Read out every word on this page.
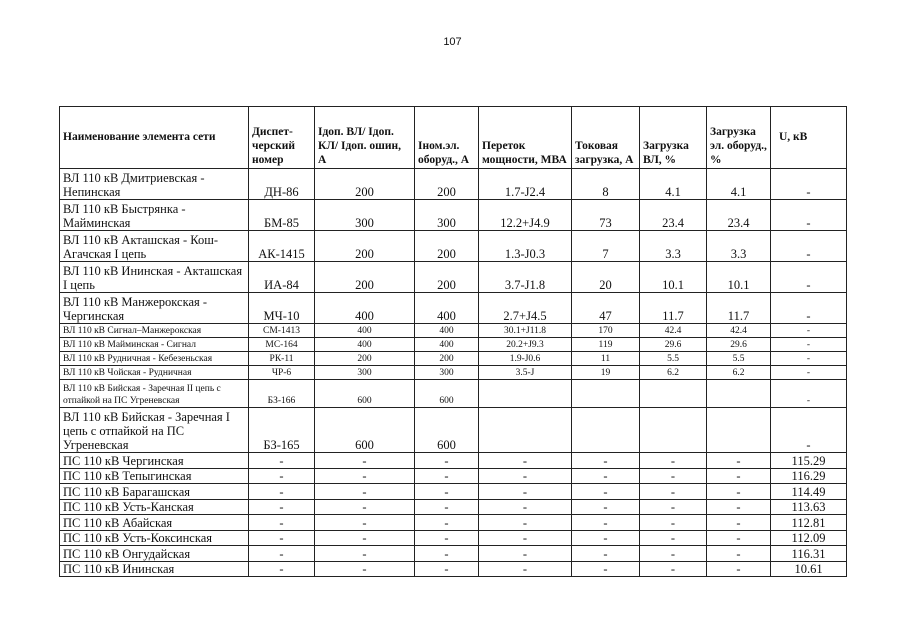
107
Наименование элемента сети	Диспет-черский номер	Iдоп. ВЛ/ Iдоп. КЛ/ Iдоп. ошин, А	Iном.эл. оборуд., А	Переток мощности, МВА	Токовая загрузка, А	Загрузка ВЛ, %	Загрузка эл. оборуд., %	U, кВ
ВЛ 110 кВ Дмитриевская - Непинская	ДН-86	200	200	1.7-J2.4	8	4.1	4.1	-
ВЛ 110 кВ Быстрянка - Майминская	БМ-85	300	300	12.2+J4.9	73	23.4	23.4	-
ВЛ 110 кВ Акташская - Кош-Агачская I цепь	АК-1415	200	200	1.3-J0.3	7	3.3	3.3	-
ВЛ 110 кВ Ининская - Акташская I цепь	ИА-84	200	200	3.7-J1.8	20	10.1	10.1	-
ВЛ 110 кВ Манжерокская - Чергинская	МЧ-10	400	400	2.7+J4.5	47	11.7	11.7	-
ВЛ 110 кВ Сигнал–Манжерокская	СМ-1413	400	400	30.1+J11.8	170	42.4	42.4	-
ВЛ 110 кВ Майминская - Сигнал	МС-164	400	400	20.2+J9.3	119	29.6	29.6	-
ВЛ 110 кВ Рудничная - Кебезеньская	РК-11	200	200	1.9-J0.6	11	5.5	5.5	-
ВЛ 110 кВ Чойская - Рудничная	ЧР-6	300	300	3.5-J	19	6.2	6.2	-
ВЛ 110 кВ Бийская - Заречная II цепь с отпайкой на ПС Угреневская	БЗ-166	600	600					-
ВЛ 110 кВ Бийская - Заречная I цепь с отпайкой на ПС Угреневская	БЗ-165	600	600					-
ПС 110 кВ Чергинская	-	-	-	-	-	-	-	115.29
ПС 110 кВ Тепыгинская	-	-	-	-	-	-	-	116.29
ПС 110 кВ Барагашская	-	-	-	-	-	-	-	114.49
ПС 110 кВ Усть-Канская	-	-	-	-	-	-	-	113.63
ПС 110 кВ Абайская	-	-	-	-	-	-	-	112.81
ПС 110 кВ Усть-Коксинская	-	-	-	-	-	-	-	112.09
ПС 110 кВ Онгудайская	-	-	-	-	-	-	-	116.31
ПС 110 кВ Ининская	-	-	-	-	-	-	-	10.61
